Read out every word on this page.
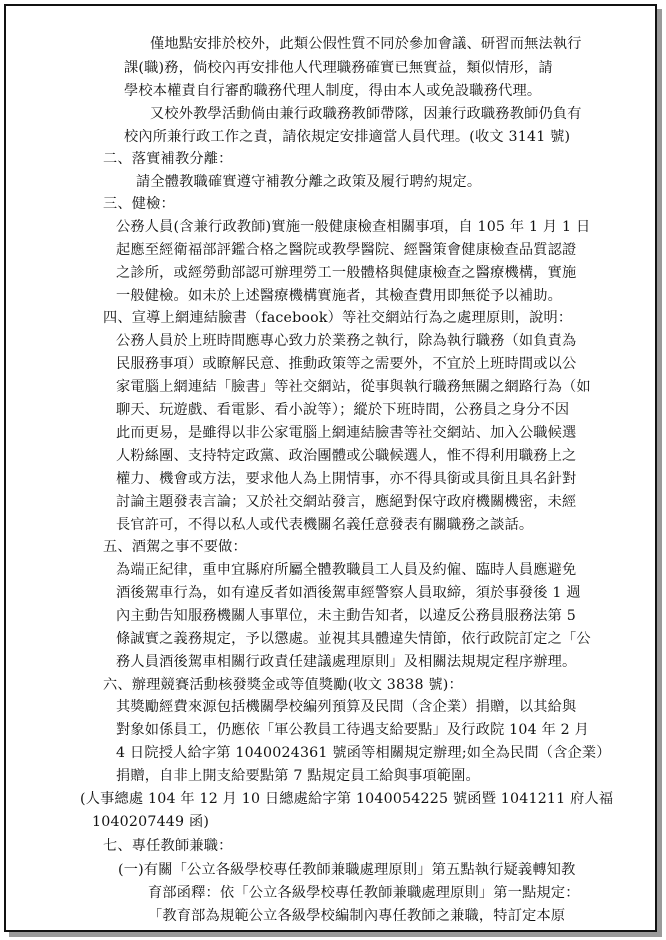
僅地點安排於校外，此類公假性質不同於參加會議、研習而無法執行
課(職)務，倘校內再安排他人代理職務確實已無實益，類似情形，請
學校本權責自行審酌職務代理人制度，得由本人或免設職務代理。
又校外教學活動倘由兼行政職務教師帶隊，因兼行政職務教師仍負有
校內所兼行政工作之責，請依規定安排適當人員代理。(收文 3141 號)
二、落實補教分離：
請全體教職確實遵守補教分離之政策及履行聘約規定。
三、健檢：
公務人員(含兼行政教師)實施一般健康檢查相關事項，自 105 年 1 月 1 日
起應至經衛福部評鑑合格之醫院或教學醫院、經醫策會健康檢查品質認證
之診所，或經勞動部認可辦理勞工一般體格與健康檢查之醫療機構，實施
一般健檢。如未於上述醫療機構實施者，其檢查費用即無從予以補助。
四、宣導上網連結臉書（facebook）等社交網站行為之處理原則，說明：
公務人員於上班時間應專心致力於業務之執行，除為執行職務（如負責為
民服務事項）或瞭解民意、推動政策等之需要外，不宜於上班時間或以公
家電腦上網連結「臉書」等社交網站，從事與執行職務無關之網路行為（如
聊天、玩遊戲、看電影、看小說等）；縱於下班時間，公務員之身分不因
此而更易，是雖得以非公家電腦上網連結臉書等社交網站、加入公職候選
人粉絲團、支持特定政黨、政治團體或公職候選人，惟不得利用職務上之
權力、機會或方法，要求他人為上開情事，亦不得具銜或具銜且具名針對
討論主題發表言論；又於社交網站發言，應絕對保守政府機關機密，未經
長官許可，不得以私人或代表機關名義任意發表有關職務之談話。
五、酒駕之事不要做：
為端正紀律，重申宜縣府所屬全體教職員工人員及約僱、臨時人員應避免
酒後駕車行為，如有違反者如酒後駕車經警察人員取締，須於事發後 1 週
內主動告知服務機關人事單位，未主動告知者，以違反公務員服務法第 5
條誠實之義務規定，予以懲處。並視其具體違失情節，依行政院訂定之「公
務人員酒後駕車相關行政責任建議處理原則」及相關法規規定程序辦理。
六、辦理競賽活動核發獎金或等值獎勵(收文 3838 號)：
其獎勵經費來源包括機關學校編列預算及民間（含企業）捐贈，以其給與
對象如係員工，仍應依「軍公教員工待遇支給要點」及行政院 104 年 2 月
4 日院授人給字第 1040024361 號函等相關規定辦理;如全為民間（含企業）
捐贈，自非上開支給要點第 7 點規定員工給與事項範圍。
(人事總處 104 年 12 月 10 日總處給字第 1040054225 號函暨 1041211 府人福
1040207449 函)
七、專任教師兼職：
(一)有關「公立各級學校專任教師兼職處理原則」第五點執行疑義轉知教
育部函釋：依「公立各級學校專任教師兼職處理原則」第一點規定：
「教育部為規範公立各級學校編制內專任教師之兼職，特訂定本原
